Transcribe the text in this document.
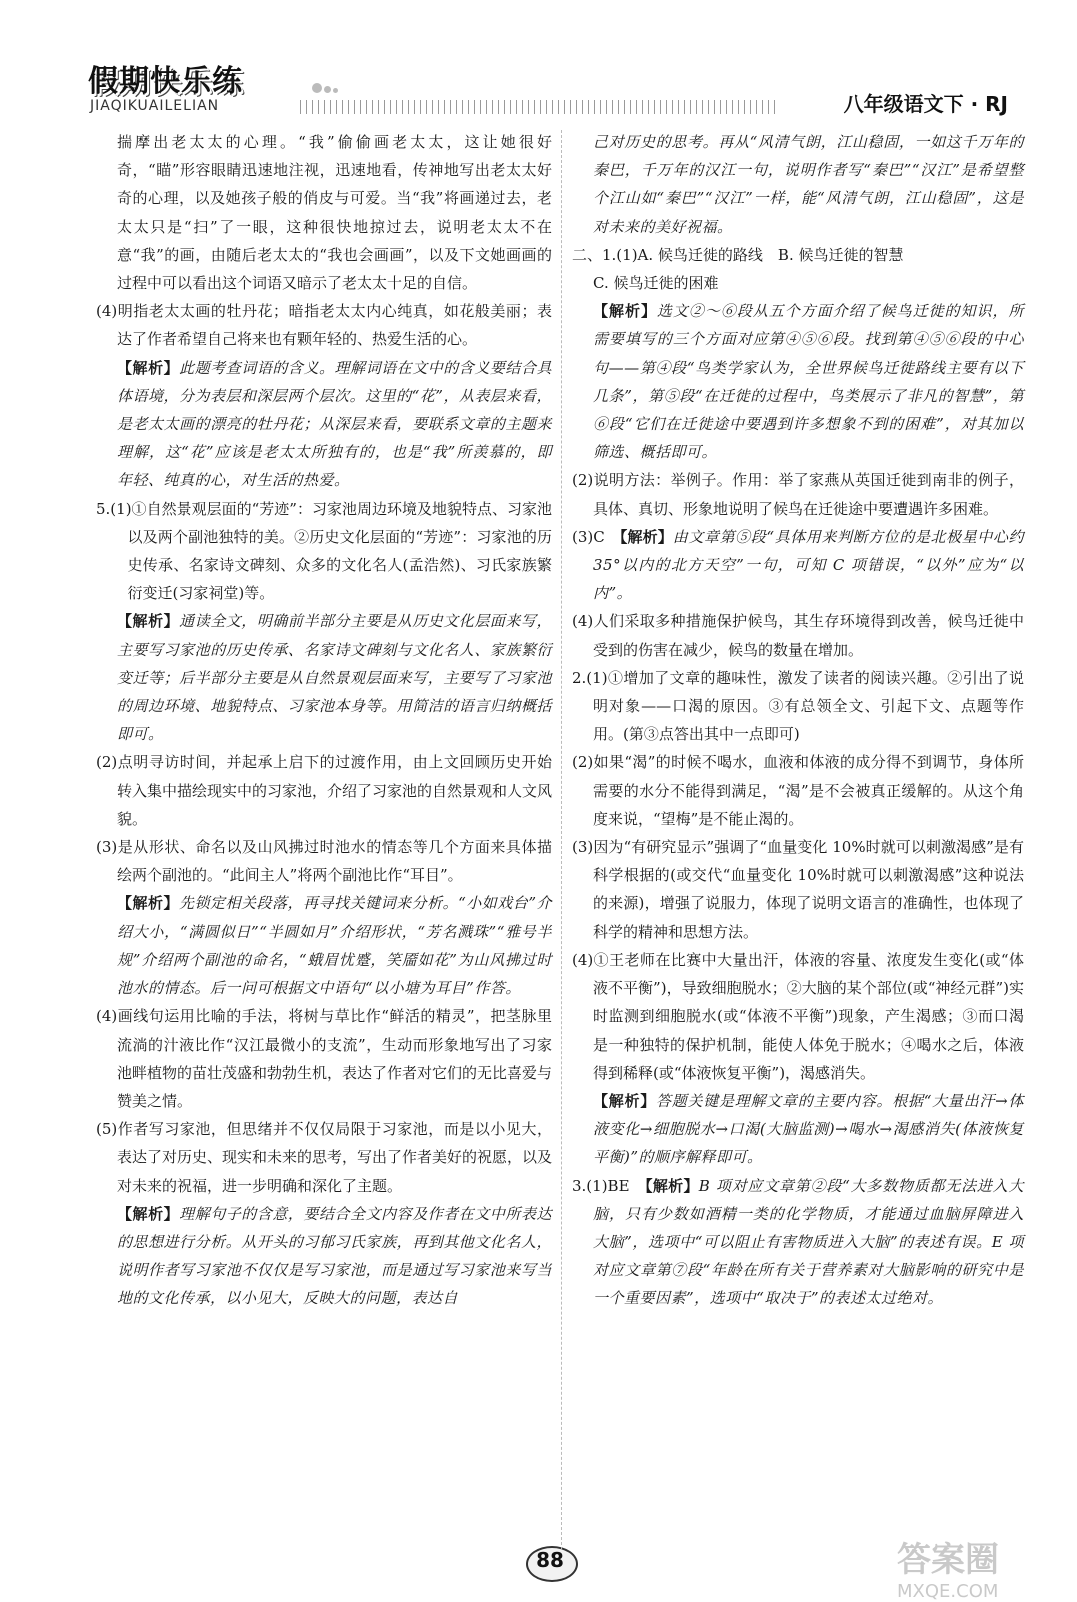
假期快乐练
JIAQIKUAILELIAN	八年级语文下 · RJ

揣摩出老太太的心理。“我”偷偷画老太太，这让她很好奇，“瞄”形容眼睛迅速地注视，迅速地看，传神地写出老太太好奇的心理，以及她孩子般的俏皮与可爱。当“我”将画递过去，老太太只是“扫”了一眼，这种很快地掠过去，说明老太太不在意“我”的画，由随后老太太的“我也会画画”，以及下文她画画的过程中可以看出这个词语又暗示了老太太十足的自信。

(4)明指老太太画的牡丹花；暗指老太太内心纯真，如花般美丽；表达了作者希望自己将来也有颗年轻的、热爱生活的心。

【解析】此题考查词语的含义。理解词语在文中的含义要结合具体语境，分为表层和深层两个层次。这里的“花”，从表层来看，是老太太画的漂亮的牡丹花；从深层来看，要联系文章的主题来理解，这“花”应该是老太太所独有的，也是“我”所羡慕的，即年轻、纯真的心，对生活的热爱。

5.(1)①自然景观层面的“芳迹”：习家池周边环境及地貌特点、习家池以及两个副池独特的美。②历史文化层面的“芳迹”：习家池的历史传承、名家诗文碑刻、众多的文化名人(孟浩然)、习氏家族繁衍变迁(习家祠堂)等。

【解析】通读全文，明确前半部分主要是从历史文化层面来写，主要写习家池的历史传承、名家诗文碑刻与文化名人、家族繁衍变迁等；后半部分主要是从自然景观层面来写，主要写了习家池的周边环境、地貌特点、习家池本身等。用简洁的语言归纳概括即可。

(2)点明寻访时间，并起承上启下的过渡作用，由上文回顾历史开始转入集中描绘现实中的习家池，介绍了习家池的自然景观和人文风貌。

(3)是从形状、命名以及山风拂过时池水的情态等几个方面来具体描绘两个副池的。“此间主人”将两个副池比作“耳目”。

【解析】先锁定相关段落，再寻找关键词来分析。“小如戏台”介绍大小，“满圆似日”“半圆如月”介绍形状，“芳名溅珠”“雅号半规”介绍两个副池的命名，“蛾眉忧蹙，笑靥如花”为山风拂过时池水的情态。后一问可根据文中语句“以小塘为耳目”作答。

(4)画线句运用比喻的手法，将树与草比作“鲜活的精灵”，把茎脉里流淌的汁液比作“汉江最微小的支流”，生动而形象地写出了习家池畔植物的苗壮茂盛和勃勃生机，表达了作者对它们的无比喜爱与赞美之情。

(5)作者写习家池，但思绪并不仅仅局限于习家池，而是以小见大，表达了对历史、现实和未来的思考，写出了作者美好的祝愿，以及对未来的祝福，进一步明确和深化了主题。

【解析】理解句子的含意，要结合全文内容及作者在文中所表达的思想进行分析。从开头的习郁习氏家族，再到其他文化名人，说明作者写习家池不仅仅是写习家池，而是通过写习家池来写当地的文化传承，以小见大，反映大的问题，表达自

己对历史的思考。再从“风清气朗，江山稳固，一如这千万年的秦巴，千万年的汉江一句，说明作者写“秦巴”“汉江”是希望整个江山如“秦巴”“汉江”一样，能“风清气朗，江山稳固”，这是对未来的美好祝福。

二、1.(1)A. 候鸟迁徙的路线　B. 候鸟迁徙的智慧

C. 候鸟迁徙的困难

【解析】选文②～⑥段从五个方面介绍了候鸟迁徙的知识，所需要填写的三个方面对应第④⑤⑥段。找到第④⑤⑥段的中心句——第④段“鸟类学家认为，全世界候鸟迁徙路线主要有以下几条”，第⑤段“在迁徙的过程中，鸟类展示了非凡的智慧”，第⑥段“它们在迁徙途中要遇到许多想象不到的困难”，对其加以筛选、概括即可。

(2)说明方法：举例子。作用：举了家燕从英国迁徙到南非的例子，具体、真切、形象地说明了候鸟在迁徙途中要遭遇许多困难。

(3)C　【解析】由文章第⑤段“具体用来判断方位的是北极星中心约 35°以内的北方天空”一句，可知 C 项错误，“以外”应为“以内”。

(4)人们采取多种措施保护候鸟，其生存环境得到改善，候鸟迁徙中受到的伤害在减少，候鸟的数量在增加。

2.(1)①增加了文章的趣味性，激发了读者的阅读兴趣。②引出了说明对象——口渴的原因。③有总领全文、引起下文、点题等作用。(第③点答出其中一点即可)

(2)如果“渴”的时候不喝水，血液和体液的成分得不到调节，身体所需要的水分不能得到满足，“渴”是不会被真正缓解的。从这个角度来说，“望梅”是不能止渴的。

(3)因为“有研究显示”强调了“血量变化 10%时就可以刺激渴感”是有科学根据的(或交代“血量变化 10%时就可以刺激渴感”这种说法的来源)，增强了说服力，体现了说明文语言的准确性，也体现了科学的精神和思想方法。

(4)①王老师在比赛中大量出汗，体液的容量、浓度发生变化(或“体液不平衡”)，导致细胞脱水；②大脑的某个部位(或“神经元群”)实时监测到细胞脱水(或“体液不平衡”)现象，产生渴感；③而口渴是一种独特的保护机制，能使人体免于脱水；④喝水之后，体液得到稀释(或“体液恢复平衡”)，渴感消失。

【解析】答题关键是理解文章的主要内容。根据“大量出汗→体液变化→细胞脱水→口渴(大脑监测)→喝水→渴感消失(体液恢复平衡)”的顺序解释即可。

3.(1)BE　【解析】B 项对应文章第②段“大多数物质都无法进入大脑，只有少数如酒精一类的化学物质，才能通过血脑屏障进入大脑”，选项中“可以阻止有害物质进入大脑”的表述有误。E 项对应文章第⑦段“年龄在所有关于营养素对大脑影响的研究中是一个重要因素”，选项中“取决于”的表述太过绝对。

88	答案圈
MXQE.COM
